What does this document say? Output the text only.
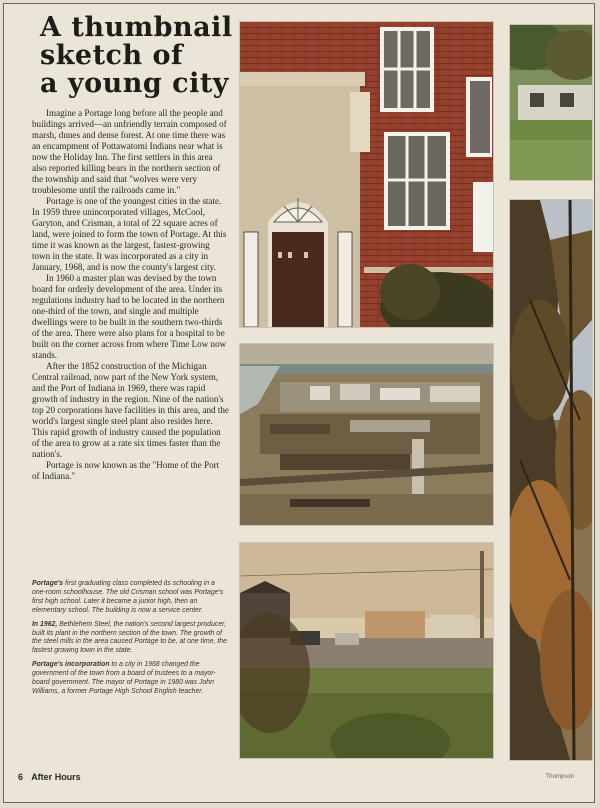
A thumbnail
sketch of
a young city

Imagine a Portage long before all the people and buildings arrived—an unfriendly terrain composed of marsh, dunes and dense forest. At one time there was an encampment of Pottawatomi Indians near what is now the Holiday Inn. The first settlers in this area also reported killing bears in the northern section of the township and said that "wolves were very troublesome until the railroads came in."

Portage is one of the youngest cities in the state. In 1959 three unincorporated villages, McCool, Garyton, and Crisman, a total of 22 square acres of land, were joined to form the town of Portage. At this time it was known as the largest, fastest-growing town in the state. It was incorporated as a city in January, 1968, and is now the county's largest city.

In 1960 a master plan was devised by the town board for orderly development of the area. Under its regulations industry had to be located in the northern one-third of the town, and single and multiple dwellings were to be built in the southern two-thirds of the area. There were also plans for a hospital to be built on the corner across from where Time Low now stands.

After the 1852 construction of the Michigan Central railroad, now part of the New York system, and the Port of Indiana in 1969, there was rapid growth of industry in the region. Nine of the nation's top 20 corporations have facilities in this area, and the world's largest single steel plant also resides here. This rapid growth of industry caused the population of the area to grow at a rate six times faster than the nation's.

Portage is now known as the "Home of the Port of Indiana."

Portage's first graduating class completed its schooling in a one-room schoolhouse. The old Crisman school was Portage's first high school. Later it became a junior high, then an elementary school. The building is now a service center.

In 1962, Bethlehem Steel, the nation's second largest producer, built its plant in the northern section of the town. The growth of the steel mills in the area caused Portage to be, at one time, the fastest growing town in the state.

Portage's incorporation to a city in 1968 changed the government of the town from a board of trustees to a mayor-board government. The mayor of Portage in 1980 was John Williams, a former Portage High School English teacher.

6 After Hours	Thompson
